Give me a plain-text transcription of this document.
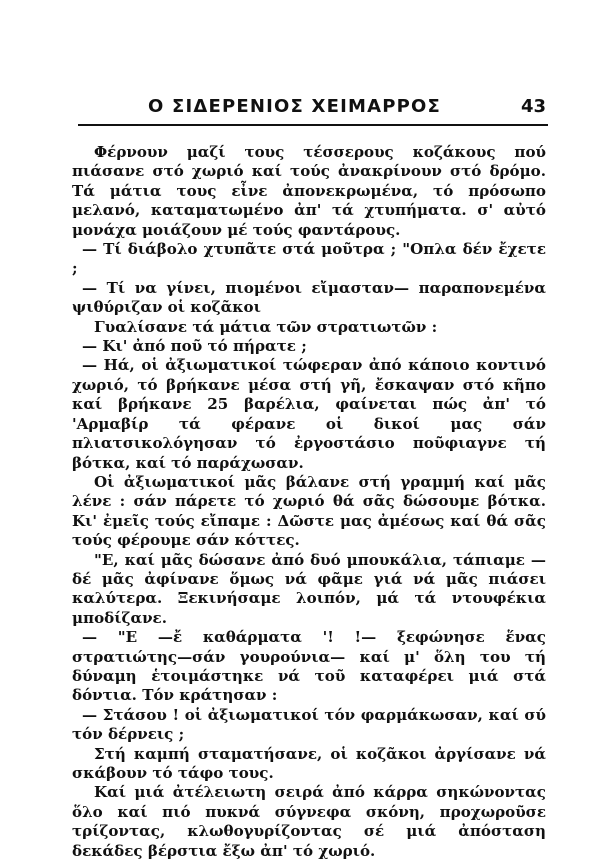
Ο ΣΙΔΕΡΕΝΙΟΣ ΧΕΙΜΑΡΡΟΣ	43

Φέρνουν μαζί τους τέσσερους κοζάκους πού πιάσανε στό χωριό καί τούς ἀνακρίνουν στό δρόμο. Τά μάτια τους εἶνε ἀπονεκρωμένα, τό πρόσωπο μελανό, καταματωμένο ἀπ' τά χτυπήματα. σ' αὐτό μονάχα μοιάζουν μέ τούς φαντάρους.

— Τί διάβολο χτυπᾶτε στά μοῦτρα ; "Οπλα δέν ἔχετε ;

— Τί να γίνει, πιομένοι εἴμασταν— παραπονεμένα ψιθύριζαν οἱ κοζᾶκοι

Γυαλίσανε τά μάτια τῶν στρατιωτῶν :

— Κι' ἀπό ποῦ τό πήρατε ;

— Ηά, οἱ ἀξιωματικοί τώφεραν ἀπό κάποιο κοντινό χωριό, τό βρήκανε μέσα στή γῆ, ἔσκαψαν στό κῆπο καί βρήκανε 25 βαρέλια, φαίνεται πώς ἀπ' τό 'Αρμαβίρ τά φέρανε οἱ δικοί μας σάν πλιατσικολόγησαν τό ἐργοστάσιο ποῦφιαγνε τή βότκα, καί τό παράχωσαν.

Οἱ ἀξιωματικοί μᾶς βάλανε στή γραμμή καί μᾶς λένε : σάν πάρετε τό χωριό θά σᾶς δώσουμε βότκα. Κι' ἐμεῖς τούς εἴπαμε : Δῶστε μας ἀμέσως καί θά σᾶς τούς φέρουμε σάν κόττες.

"Ε, καί μᾶς δώσανε ἀπό δυό μπουκάλια, τάπιαμε — δέ μᾶς ἀφίνανε ὅμως νά φᾶμε γιά νά μᾶς πιάσει καλύτερα. Ξεκινήσαμε λοιπόν, μά τά ντουφέκια μποδίζανε.

— "Ε —ἔ καθάρματα '! !— ξεφώνησε ἕνας στρατιώτης—σάν γουρούνια— καί μ' ὅλη του τή δύναμη ἑτοιμάστηκε νά τοῦ καταφέρει μιά στά δόντια. Τόν κράτησαν :

— Στάσου ! οἱ ἀξιωματικοί τόν φαρμάκωσαν, καί σύ τόν δέρνεις ;

Στή καμπή σταματήσανε, οἱ κοζᾶκοι ἀργίσανε νά σκάβουν τό τάφο τους.

Καί μιά ἀτέλειωτη σειρά ἀπό κάρρα σηκώνοντας ὅλο καί πιό πυκνά σύγνεφα σκόνη, προχωροῦσε τρίζοντας, κλωθογυρίζοντας σέ μιά ἀπόσταση δεκάδες βέρστια ἔξω ἀπ' τό χωριό.
